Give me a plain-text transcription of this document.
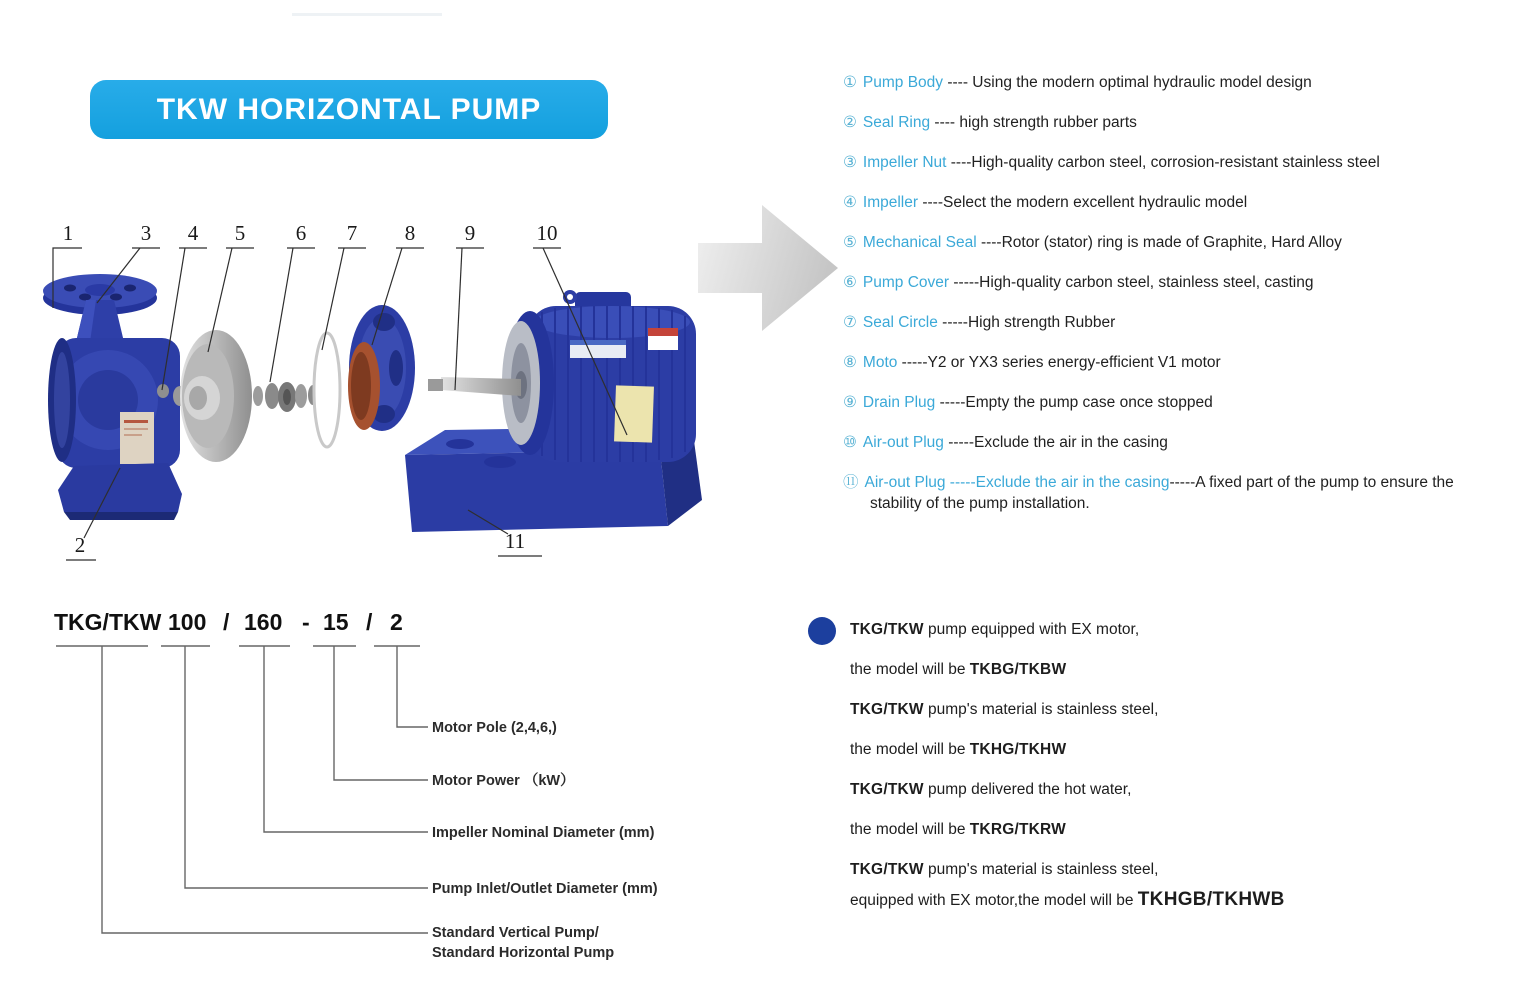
TKW HORIZONTAL PUMP
1	3 4 5 6 7 8 9	10
2	11
TKG/TKW 100 / 160 - 15 / 2
Motor Pole (2,4,6,)
Motor Power （kW）
Impeller Nominal Diameter (mm)
Pump Inlet/Outlet Diameter (mm)
Standard Vertical Pump/
Standard Horizontal Pump
① Pump Body ---- Using the modern optimal hydraulic model design
② Seal Ring ---- high strength rubber parts
③ Impeller Nut ----High-quality carbon steel, corrosion-resistant stainless steel
④ Impeller ----Select the modern excellent hydraulic model
⑤ Mechanical Seal ----Rotor (stator) ring is made of Graphite, Hard Alloy
⑥ Pump Cover -----High-quality carbon steel, stainless steel, casting
⑦ Seal Circle -----High strength Rubber
⑧ Moto -----Y2 or YX3 series energy-efficient V1 motor
⑨ Drain Plug -----Empty the pump case once stopped
⑩ Air-out Plug -----Exclude the air in the casing
⑪ Air-out Plug -----Exclude the air in the casing-----A fixed part of the pump to ensure the stability of the pump installation.
TKG/TKW pump equipped with EX motor,
the model will be TKBG/TKBW
TKG/TKW pump's material is stainless steel,
the model will be TKHG/TKHW
TKG/TKW pump delivered the hot water,
the model will be TKRG/TKRW
TKG/TKW pump's material is stainless steel,
equipped with EX motor,the model will be TKHGB/TKHWB
